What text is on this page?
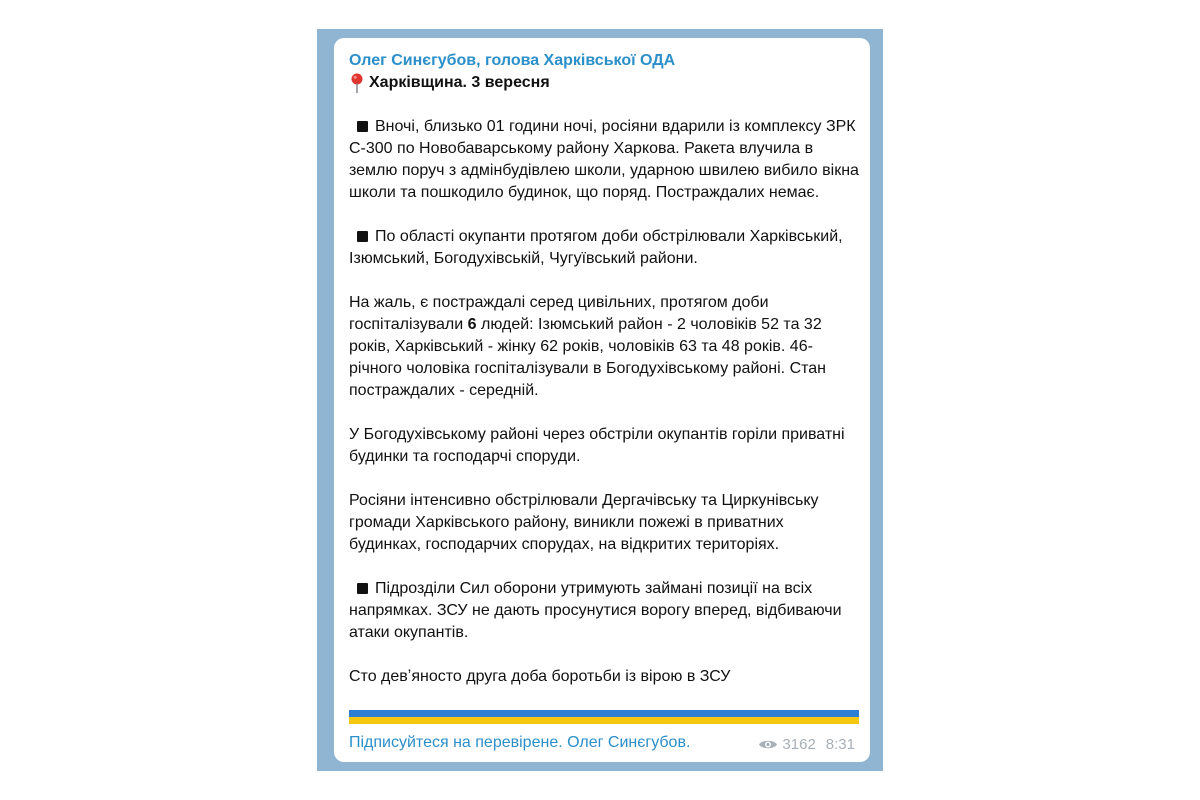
Олег Синєгубов, голова Харківської ОДА
Харківщина. 3 вересня

Вночі, близько 01 години ночі, росіяни вдарили із комплексу ЗРК С-300 по Новобаварському району Харкова. Ракета влучила в землю поруч з адмінбудівлею школи, ударною швилею вибило вікна школи та пошкодило будинок, що поряд. Постраждалих немає.

По області окупанти протягом доби обстрілювали Харківський, Ізюмський, Богодухівській, Чугуївський райони.

На жаль, є постраждалі серед цивільних, протягом доби госпіталізували 6 людей: Ізюмський район - 2 чоловіків 52 та 32 років, Харківський - жінку 62 років, чоловіків 63 та 48 років. 46-річного чоловіка госпіталізували в Богодухівському районі. Стан постраждалих - середній.

У Богодухівському районі через обстріли окупантів горіли приватні будинки та господарчі споруди.

Росіяни інтенсивно обстрілювали Дергачівську та Циркунівську громади Харківського району, виникли пожежі в приватних будинках, господарчих спорудах, на відкритих територіях.

Підрозділи Сил оборони утримують займані позиції на всіх напрямках. ЗСУ не дають просунутися ворогу вперед, відбиваючи атаки окупантів.

Сто девʼяносто друга доба боротьби із вірою в ЗСУ

Підписуйтеся на перевірене. Олег Синєгубов.	3162 8:31
